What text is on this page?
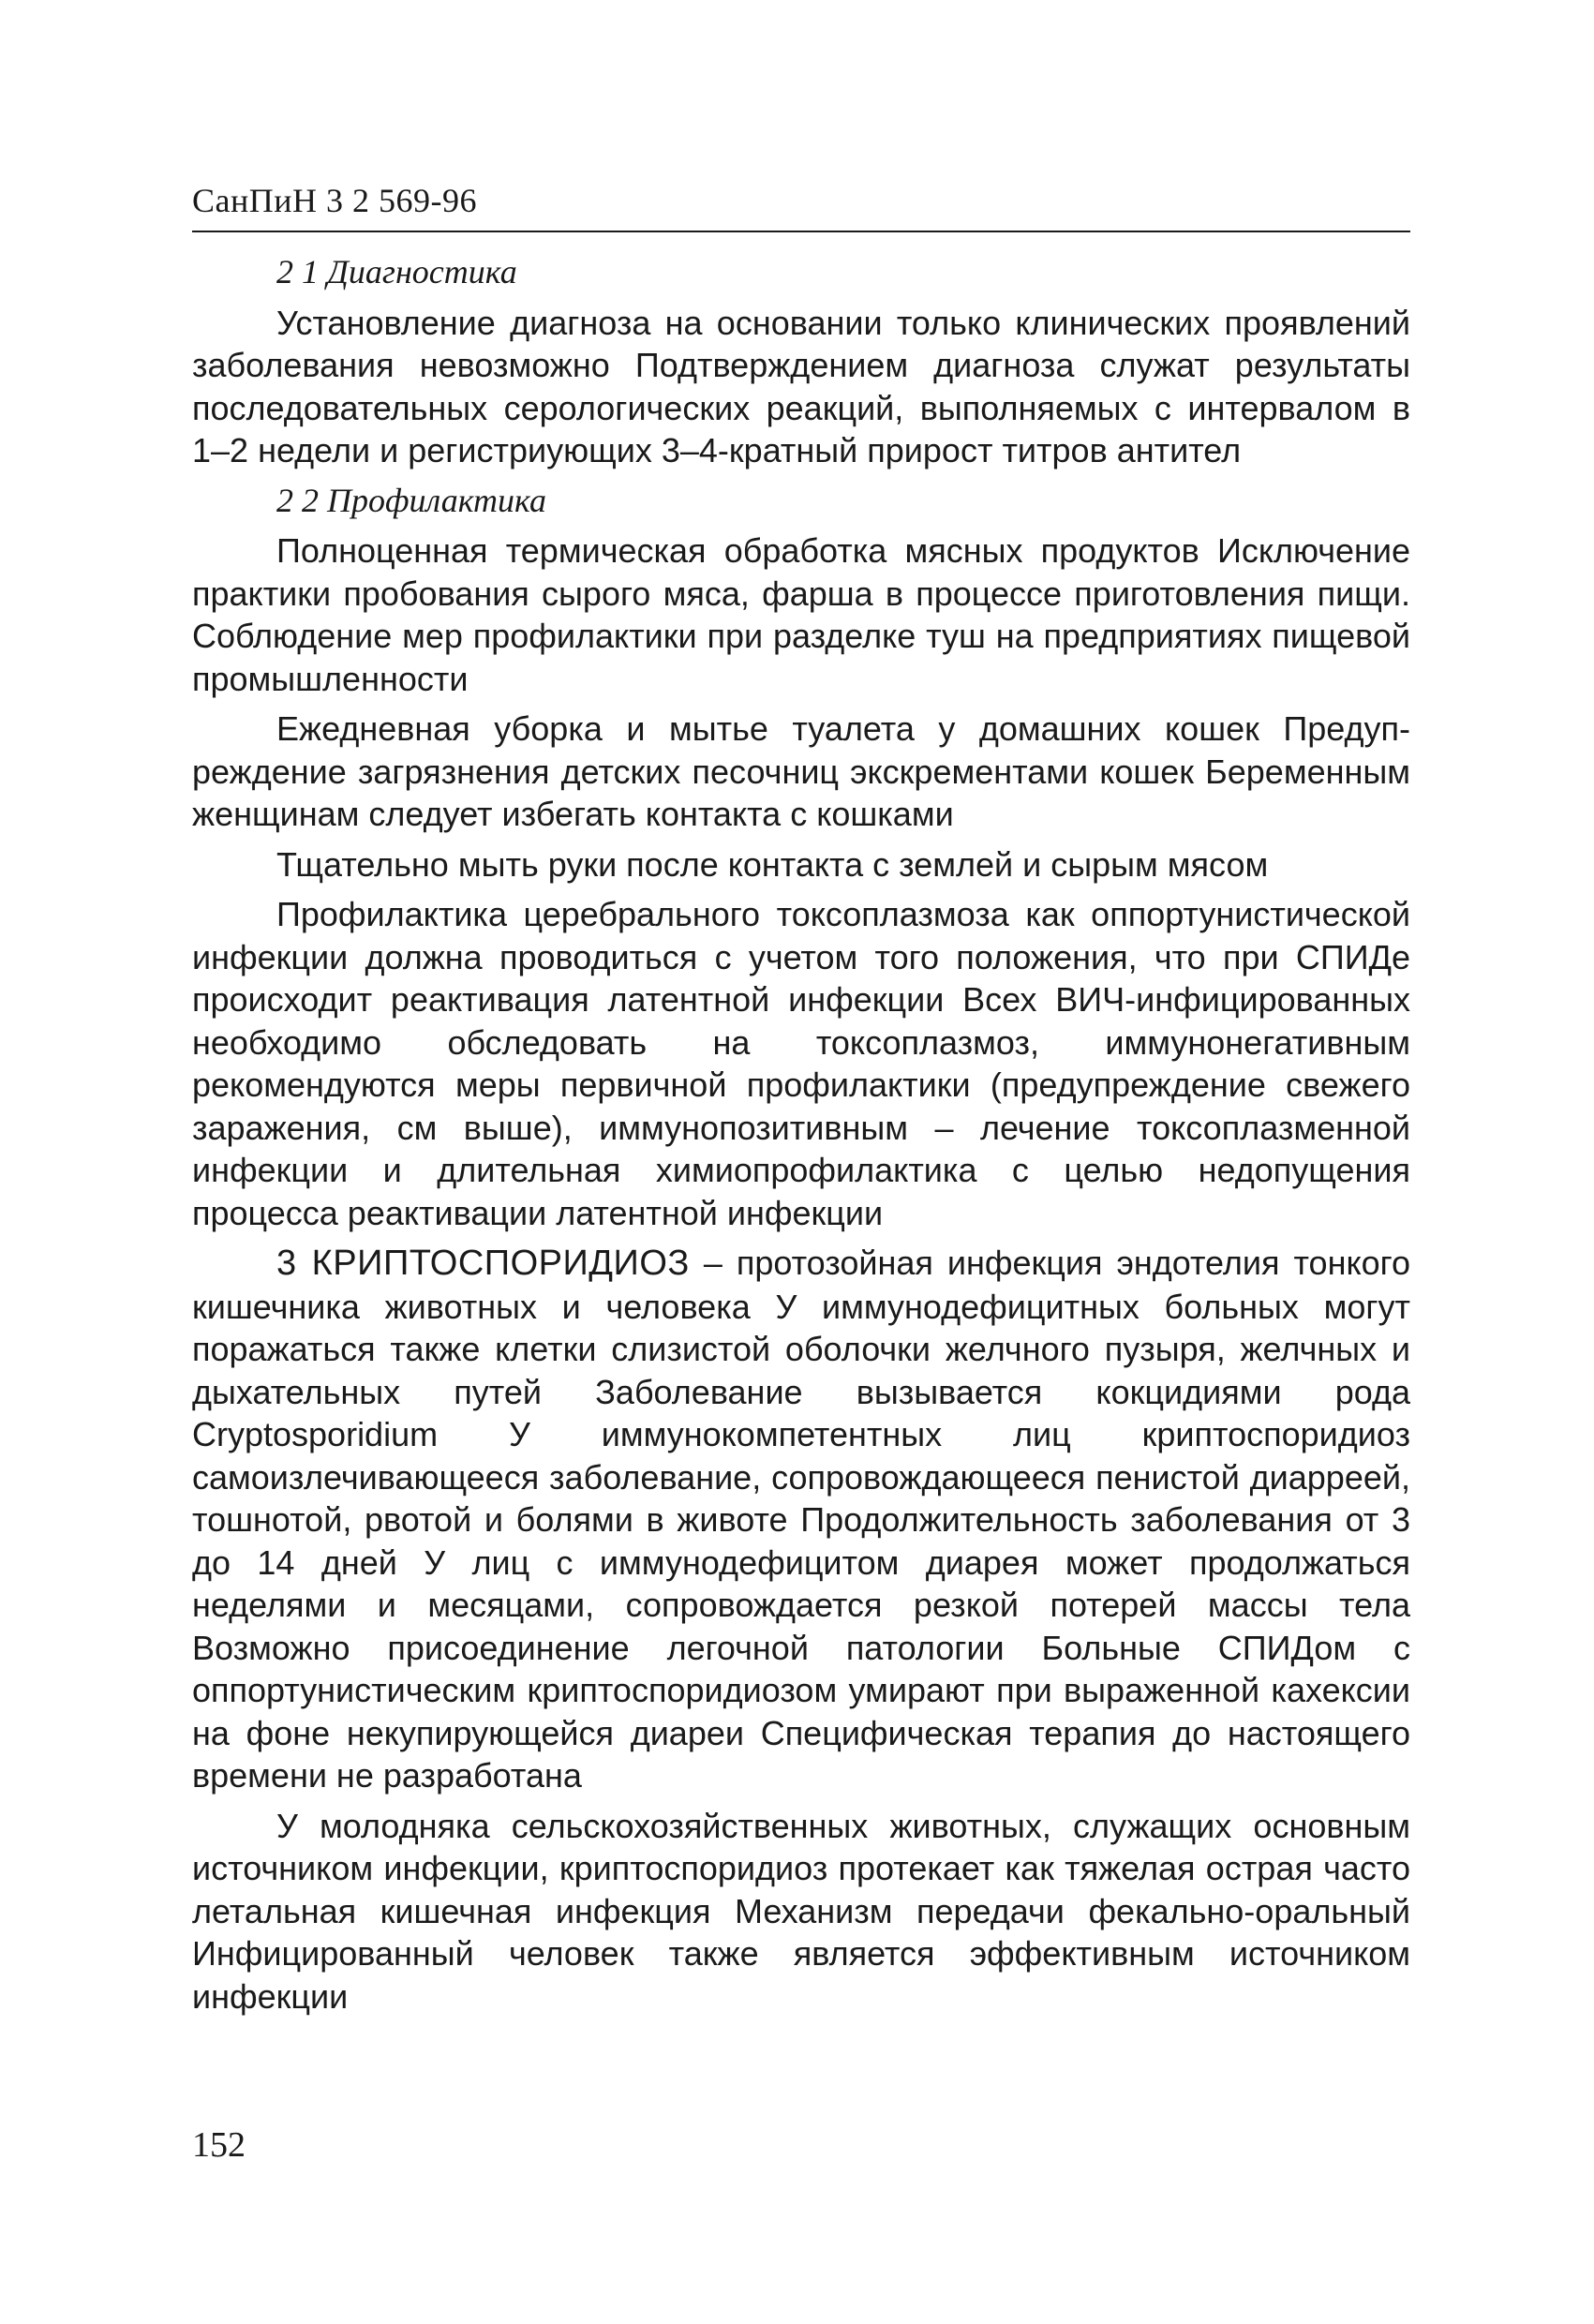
СанПиН 3 2 569-96
2 1 Диагностика

Установление диагноза на основании только клинических проявлений заболевания невозможно Подтверждением диагноза служат результаты последовательных серологических реакций, выполняемых с интервалом в 1–2 недели и регистриующих 3–4-кратный прирост титров антител

2 2 Профилактика

Полноценная термическая обработка мясных продуктов Исключение практики пробования сырого мяса, фарша в процессе приготовления пищи. Соблюдение мер профилактики при разделке туш на предприятиях пищевой промышленности

Ежедневная уборка и мытье туалета у домашних кошек Предупреждение загрязнения детских песочниц экскрементами кошек Беременным женщинам следует избегать контакта с кошками

Тщательно мыть руки после контакта с землей и сырым мясом

Профилактика церебрального токсоплазмоза как оппортунистической инфекции должна проводиться с учетом того положения, что при СПИДе происходит реактивация латентной инфекции Всех ВИЧ-инфицированных необходимо обследовать на токсоплазмоз, иммунонегативным рекомендуются меры первичной профилактики (предупреждение свежего заражения, см выше), иммунопозитивным – лечение токсоплазменной инфекции и длительная химиопрофилактика с целью недопущения процесса реактивации латентной инфекции

3 КРИПТОСПОРИДИОЗ – протозойная инфекция эндотелия тонкого кишечника животных и человека У иммунодефицитных больных могут поражаться также клетки слизистой оболочки желчного пузыря, желчных и дыхательных путей Заболевание вызывается кокцидиями рода Cryptosporidium У иммунокомпетентных лиц криптоспоридиоз самоизлечивающееся заболевание, сопровождающееся пенистой диарреей, тошнотой, рвотой и болями в животе Продолжительность заболевания от 3 до 14 дней У лиц с иммунодефицитом диарея может продолжаться неделями и месяцами, сопровождается резкой потерей массы тела Возможно присоединение легочной патологии Больные СПИДом с оппортунистическим криптоспоридиозом умирают при выраженной кахексии на фоне некупирующейся диареи Специфическая терапия до настоящего времени не разработана

У молодняка сельскохозяйственных животных, служащих основным источником инфекции, криптоспоридиоз протекает как тяжелая острая часто летальная кишечная инфекция Механизм передачи фекально-оральный Инфицированный человек также является эффективным источником инфекции

152
